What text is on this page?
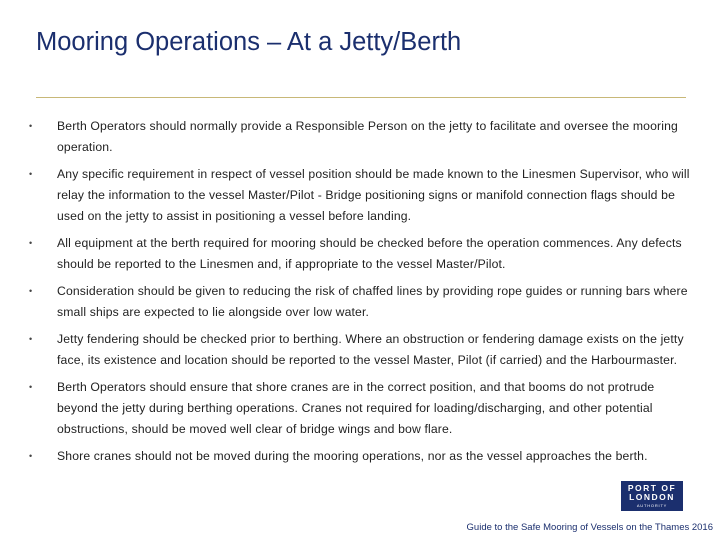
Mooring Operations – At a Jetty/Berth
• Berth Operators should normally provide a Responsible Person on the jetty to facilitate and oversee the mooring operation.
• Any specific requirement in respect of vessel position should be made known to the Linesmen Supervisor, who will relay the information to the vessel Master/Pilot - Bridge positioning signs or manifold connection flags should be used on the jetty to assist in positioning a vessel before landing.
• All equipment at the berth required for mooring should be checked before the operation commences. Any defects should be reported to the Linesmen and, if appropriate to the vessel Master/Pilot.
• Consideration should be given to reducing the risk of chaffed lines by providing rope guides or running bars where small ships are expected to lie alongside over low water.
• Jetty fendering should be checked prior to berthing. Where an obstruction or fendering damage exists on the jetty face, its existence and location should be reported to the vessel Master, Pilot (if carried) and the Harbourmaster.
• Berth Operators should ensure that shore cranes are in the correct position, and that booms do not protrude beyond the jetty during berthing operations. Cranes not required for loading/discharging, and other potential obstructions, should be moved well clear of bridge wings and bow flare.
• Shore cranes should not be moved during the mooring operations, nor as the vessel approaches the berth.
PORT OF
LONDON
AUTHORITY
Guide to the Safe Mooring of Vessels on the Thames 2016
